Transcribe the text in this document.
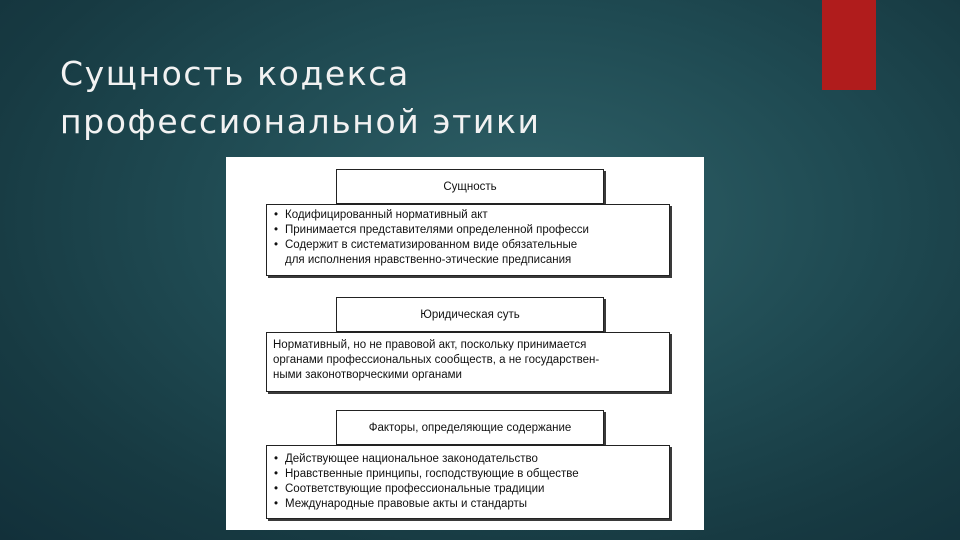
Сущность кодекса
профессиональной этики
Сущность
• Кодифицированный нормативный акт
• Принимается представителями определенной професси
• Содержит в систематизированном виде обязательные
для исполнения нравственно-этические предписания
Юридическая суть

Нормативный, но не правовой акт, поскольку принимается

органами профессиональных сообществ, а не государствен-

ными законотворческими органами

Факторы, определяющие содержание
• Действующее национальное законодательство
• Нравственные принципы, господствующие в обществе
• Соответствующие профессиональные традиции
• Международные правовые акты и стандарты
